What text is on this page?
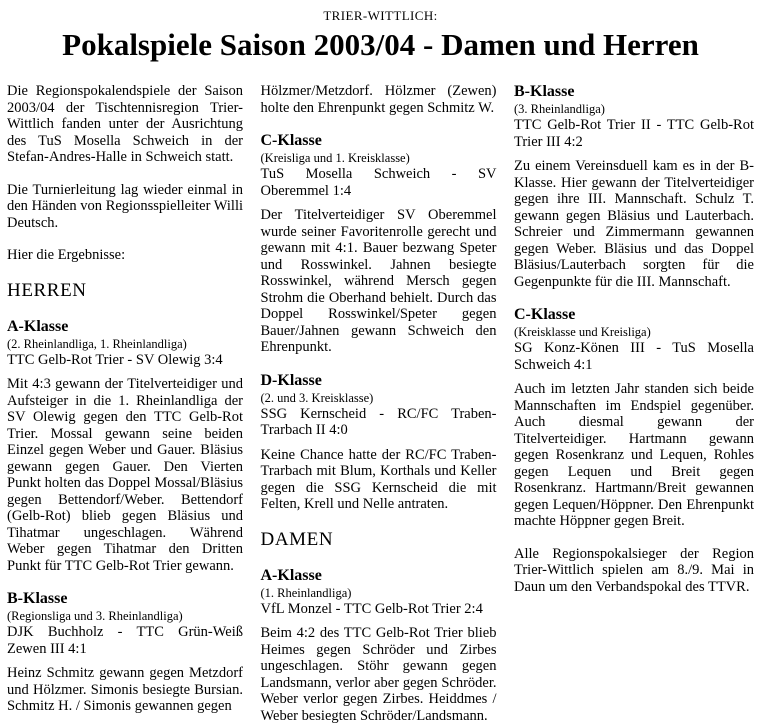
TRIER-WITTLICH:
Pokalspiele Saison 2003/04 - Damen und Herren

Die Regionspokalendspiele der Saison 2003/04 der Tischtennisregion Trier-Wittlich fanden unter der Ausrichtung des TuS Mosella Schweich in der Stefan-Andres-Halle in Schweich statt.

Die Turnierleitung lag wieder einmal in den Händen von Regionsspielleiter Willi Deutsch.

Hier die Ergebnisse:

HERREN
A-Klasse
(2. Rheinlandliga, 1. Rheinlandliga)
TTC Gelb-Rot Trier - SV Olewig 3:4

Mit 4:3 gewann der Titelverteidiger und Aufsteiger in die 1. Rheinlandliga der SV Olewig gegen den TTC Gelb-Rot Trier. Mossal gewann seine beiden Einzel gegen Weber und Gauer. Bläsius gewann gegen Gauer. Den Vierten Punkt holten das Doppel Mossal/Bläsius gegen Bettendorf/Weber. Bettendorf (Gelb-Rot) blieb gegen Bläsius und Tihatmar ungeschlagen. Während Weber gegen Tihatmar den Dritten Punkt für TTC Gelb-Rot Trier gewann.

B-Klasse
(Regionsliga und 3. Rheinlandliga)
DJK Buchholz - TTC Grün-Weiß Zewen III 4:1

Heinz Schmitz gewann gegen Metzdorf und Hölzmer. Simonis besiegte Bursian. Schmitz H. / Simonis gewannen gegen

Hölzmer/Metzdorf. Hölzmer (Zewen) holte den Ehrenpunkt gegen Schmitz W.

C-Klasse
(Kreisliga und 1. Kreisklasse)
TuS Mosella Schweich - SV Oberemmel 1:4

Der Titelverteidiger SV Oberemmel wurde seiner Favoritenrolle gerecht und gewann mit 4:1. Bauer bezwang Speter und Rosswinkel. Jahnen besiegte Rosswinkel, während Mersch gegen Strohm die Oberhand behielt. Durch das Doppel Rosswinkel/Speter gegen Bauer/Jahnen gewann Schweich den Ehrenpunkt.

D-Klasse
(2. und 3. Kreisklasse)
SSG Kernscheid - RC/FC Traben-Trarbach II 4:0

Keine Chance hatte der RC/FC Traben-Trarbach mit Blum, Korthals und Keller gegen die SSG Kernscheid die mit Felten, Krell und Nelle antraten.

DAMEN
A-Klasse
(1. Rheinlandliga)
VfL Monzel - TTC Gelb-Rot Trier 2:4

Beim 4:2 des TTC Gelb-Rot Trier blieb Heimes gegen Schröder und Zirbes ungeschlagen. Stöhr gewann gegen Landsmann, verlor aber gegen Schröder. Weber verlor gegen Zirbes. Heiddmes / Weber besiegten Schröder/Landsmann.

B-Klasse
(3. Rheinlandliga)
TTC Gelb-Rot Trier II - TTC Gelb-Rot Trier III 4:2

Zu einem Vereinsduell kam es in der B-Klasse. Hier gewann der Titelverteidiger gegen ihre III. Mannschaft. Schulz T. gewann gegen Bläsius und Lauterbach. Schreier und Zimmermann gewannen gegen Weber. Bläsius und das Doppel Bläsius/Lauterbach sorgten für die Gegenpunkte für die III. Mannschaft.

C-Klasse
(Kreisklasse und Kreisliga)
SG Konz-Könen III - TuS Mosella Schweich 4:1

Auch im letzten Jahr standen sich beide Mannschaften im Endspiel gegenüber. Auch diesmal gewann der Titelverteidiger. Hartmann gewann gegen Rosenkranz und Lequen, Rohles gegen Lequen und Breit gegen Rosenkranz. Hartmann/Breit gewannen gegen Lequen/Höppner. Den Ehrenpunkt machte Höppner gegen Breit.

Alle Regionspokalsieger der Region Trier-Wittlich spielen am 8./9. Mai in Daun um den Verbandspokal des TTVR.
